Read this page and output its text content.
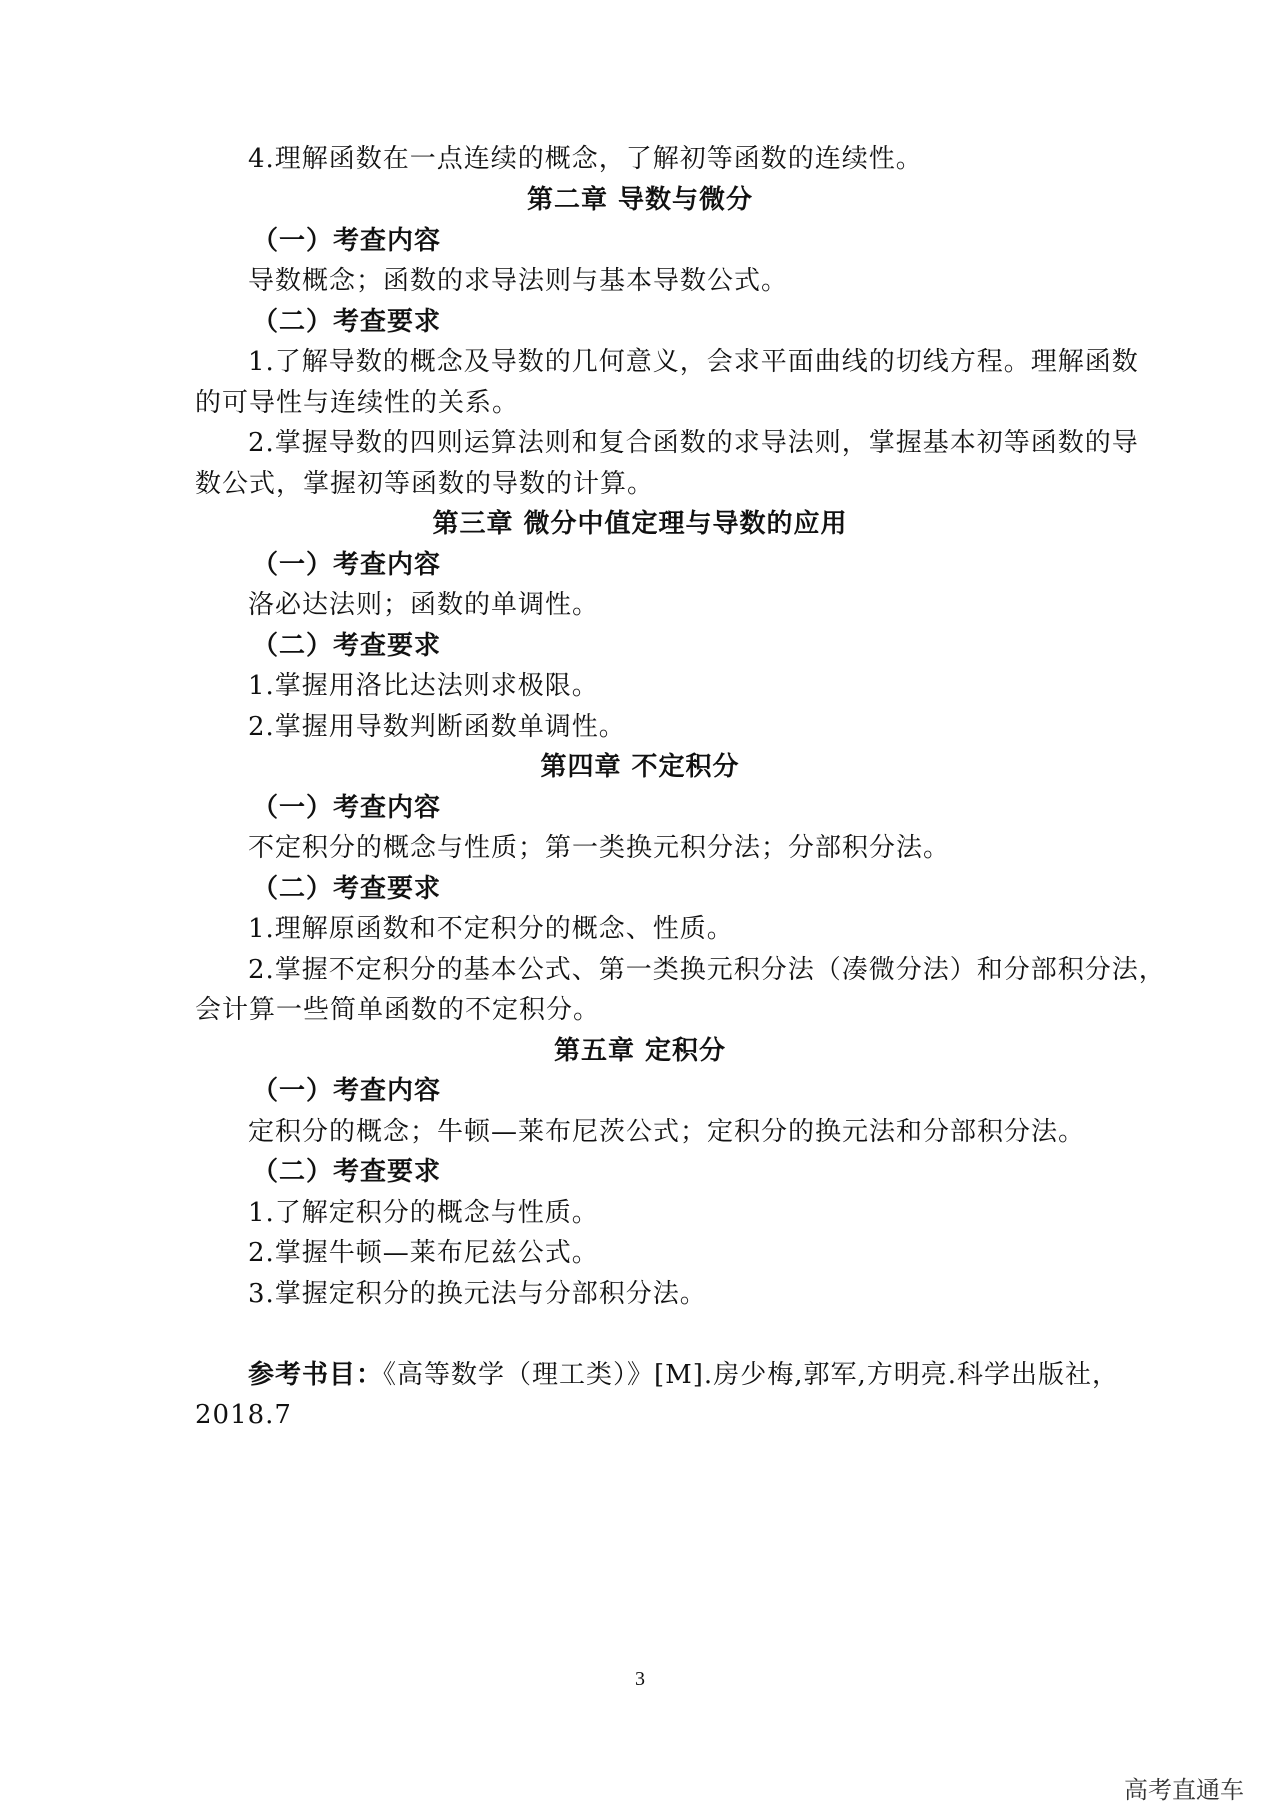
4.理解函数在一点连续的概念，了解初等函数的连续性。
第二章 导数与微分
（一）考查内容
导数概念；函数的求导法则与基本导数公式。
（二）考查要求
1.了解导数的概念及导数的几何意义，会求平面曲线的切线方程。理解函数
的可导性与连续性的关系。
2.掌握导数的四则运算法则和复合函数的求导法则，掌握基本初等函数的导
数公式，掌握初等函数的导数的计算。
第三章 微分中值定理与导数的应用
（一）考查内容
洛必达法则；函数的单调性。
（二）考查要求
1.掌握用洛比达法则求极限。
2.掌握用导数判断函数单调性。
第四章 不定积分
（一）考查内容
不定积分的概念与性质；第一类换元积分法；分部积分法。
（二）考查要求
1.理解原函数和不定积分的概念、性质。
2.掌握不定积分的基本公式、第一类换元积分法（凑微分法）和分部积分法，
会计算一些简单函数的不定积分。
第五章 定积分
（一）考查内容
定积分的概念；牛顿—莱布尼茨公式；定积分的换元法和分部积分法。
（二）考查要求
1.了解定积分的概念与性质。
2.掌握牛顿—莱布尼兹公式。
3.掌握定积分的换元法与分部积分法。
参考书目：《高等数学（理工类）》[M].房少梅,郭军,方明亮.科学出版社，
2018.7
3
高考直通车
